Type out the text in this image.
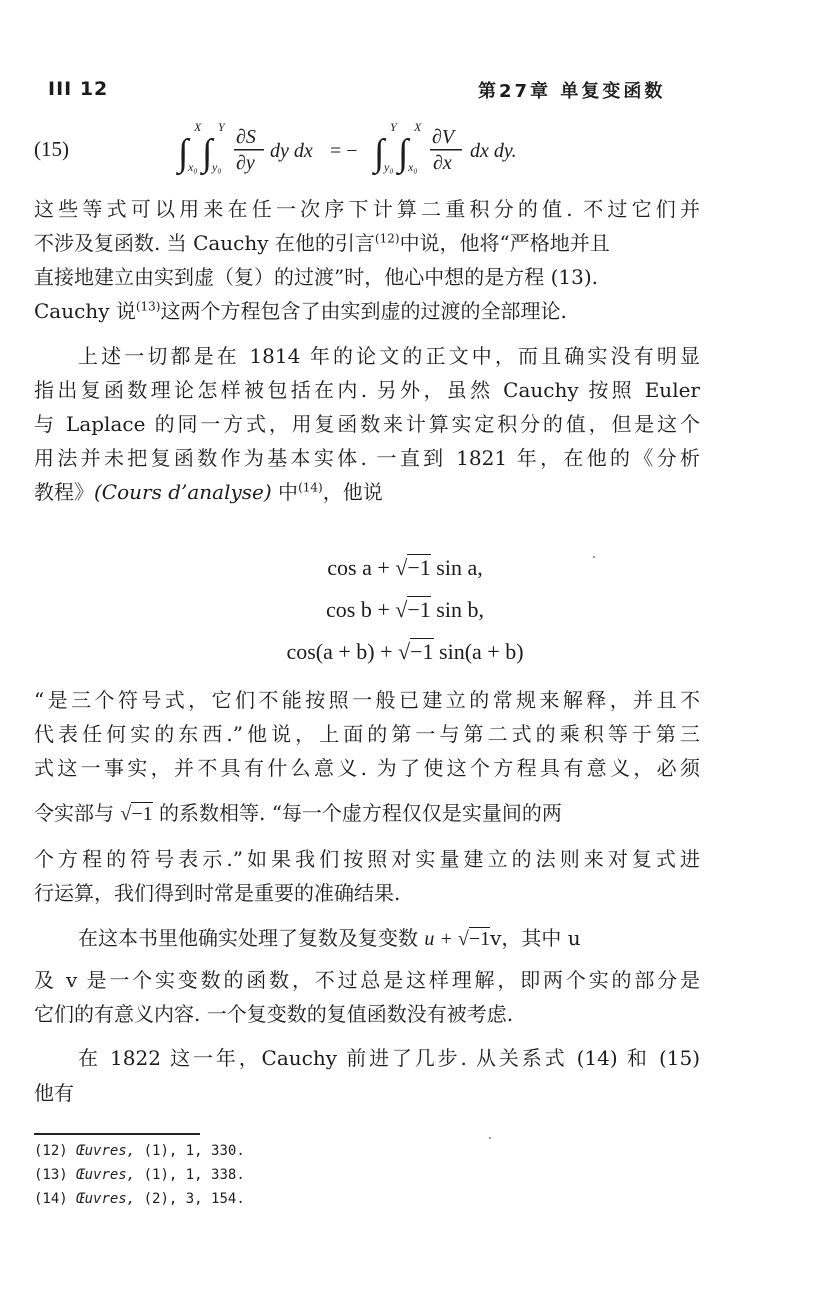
III 12	第27章 单复变函数
(15)	∫ ∫
X
x₀
Y
y₀
∂S
∂y
dy dx = − ∫ ∫
Y
y₀
X
x₀
∂V
∂x
dx dy.
这些等式可以用来在任一次序下计算二重积分的值. 不过它们并
不涉及复函数. 当 Cauchy 在他的引言$^{(12)}$中说，他将“严格地并且
直接地建立由实到虚（复）的过渡”时，他心中想的是方程 (13).
Cauchy 说$^{(13)}$这两个方程包含了由实到虚的过渡的全部理论.
上述一切都是在 1814 年的论文的正文中，而且确实没有明显
指出复函数理论怎样被包括在内. 另外，虽然 Cauchy 按照 Euler
与 Laplace 的同一方式，用复函数来计算实定积分的值，但是这个
用法并未把复函数作为基本实体. 一直到 1821 年，在他的《分析
教程》(Cours d’analyse) 中$^{(14)}$，他说
cos a + √−1 sin a,
cos b + √−1 sin b,
cos(a + b) + √−1 sin(a + b)
“是三个符号式，它们不能按照一般已建立的常规来解释，并且不
代表任何实的东西.”他说，上面的第一与第二式的乘积等于第三
式这一事实，并不具有什么意义. 为了使这个方程具有意义，必须
令实部与 √−1 的系数相等. “每一个虚方程仅仅是实量间的两
个方程的符号表示.”如果我们按照对实量建立的法则来对复式进
行运算，我们得到时常是重要的准确结果.
在这本书里他确实处理了复数及复变数 u + √−1v，其中 u
及 v 是一个实变数的函数，不过总是这样理解，即两个实的部分是
它们的有意义内容. 一个复变数的复值函数没有被考虑.
在 1822 这一年，Cauchy 前进了几步. 从关系式 (14) 和 (15)
他有
(12) Œuvres, (1), 1, 330.
(13) Œuvres, (1), 1, 338.
(14) Œuvres, (2), 3, 154.
